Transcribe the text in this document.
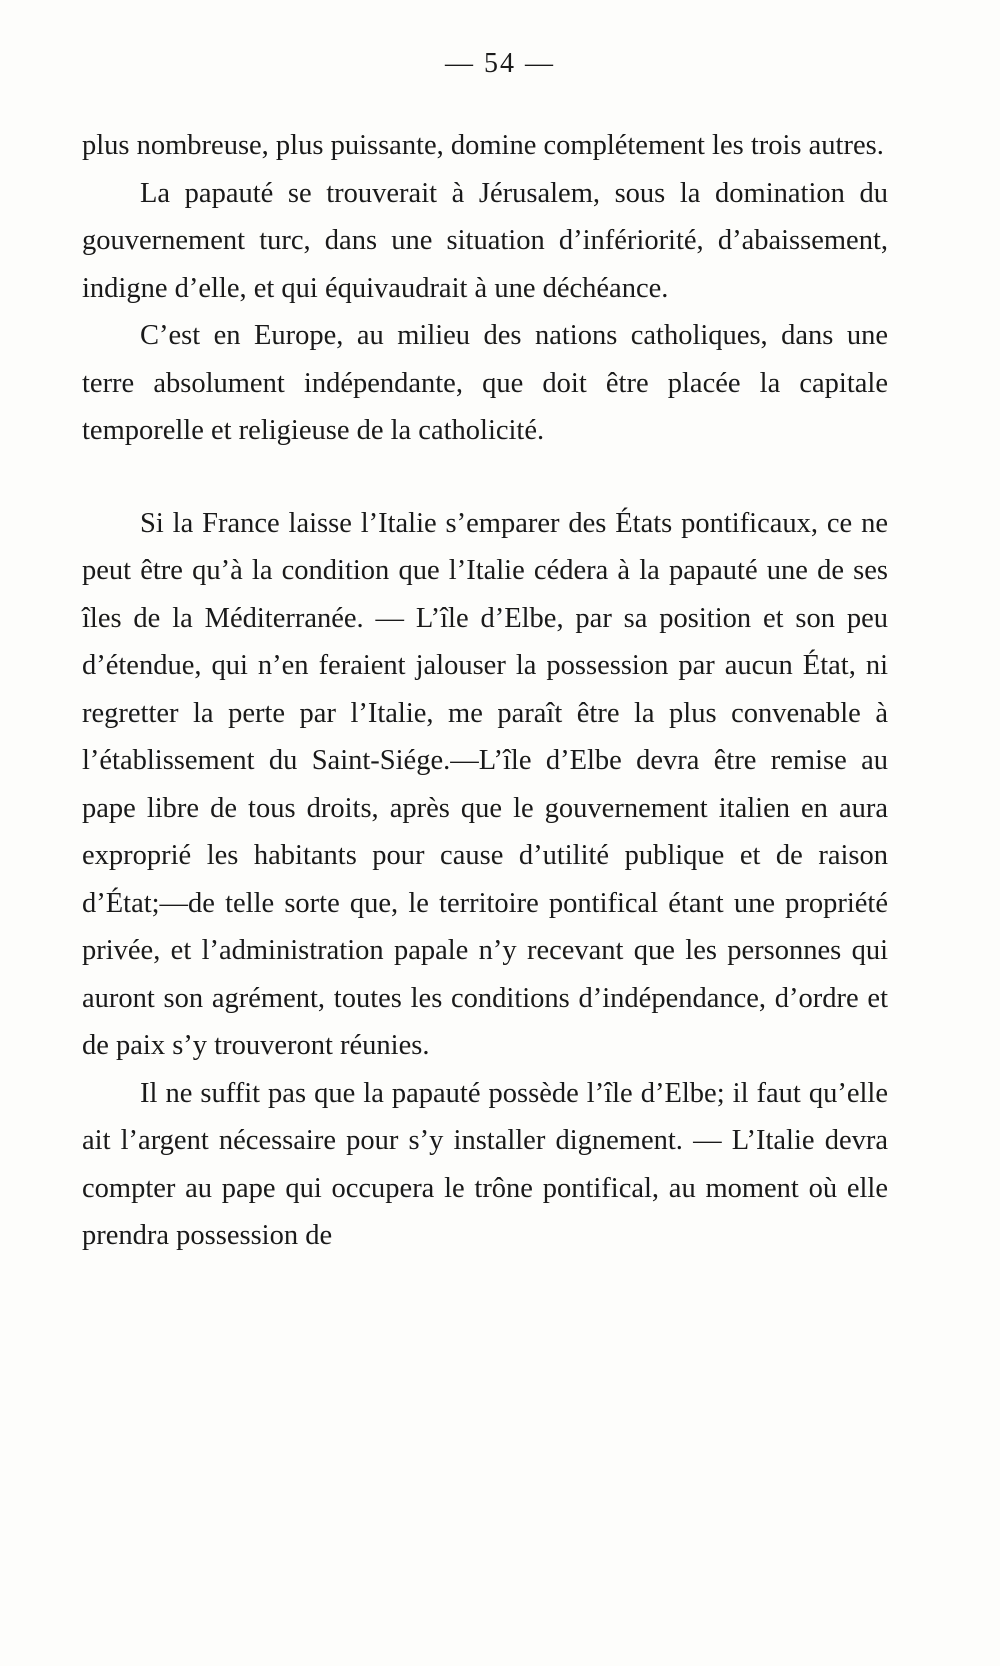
— 54 —

plus nombreuse, plus puissante, domine complétement les trois autres.

La papauté se trouverait à Jérusalem, sous la domination du gouvernement turc, dans une situation d’infériorité, d’abaissement, indigne d’elle, et qui équivaudrait à une déchéance.

C’est en Europe, au milieu des nations catholiques, dans une terre absolument indépendante, que doit être placée la capitale temporelle et religieuse de la catholicité.

Si la France laisse l’Italie s’emparer des États pontificaux, ce ne peut être qu’à la condition que l’Italie cédera à la papauté une de ses îles de la Méditerranée. — L’île d’Elbe, par sa position et son peu d’étendue, qui n’en feraient jalouser la possession par aucun État, ni regretter la perte par l’Italie, me paraît être la plus convenable à l’établissement du Saint-Siége.—L’île d’Elbe devra être remise au pape libre de tous droits, après que le gouvernement italien en aura exproprié les habitants pour cause d’utilité publique et de raison d’État;—de telle sorte que, le territoire pontifical étant une propriété privée, et l’administration papale n’y recevant que les personnes qui auront son agrément, toutes les conditions d’indépendance, d’ordre et de paix s’y trouveront réunies.

Il ne suffit pas que la papauté possède l’île d’Elbe; il faut qu’elle ait l’argent nécessaire pour s’y installer dignement. — L’Italie devra compter au pape qui occupera le trône pontifical, au moment où elle prendra possession de
